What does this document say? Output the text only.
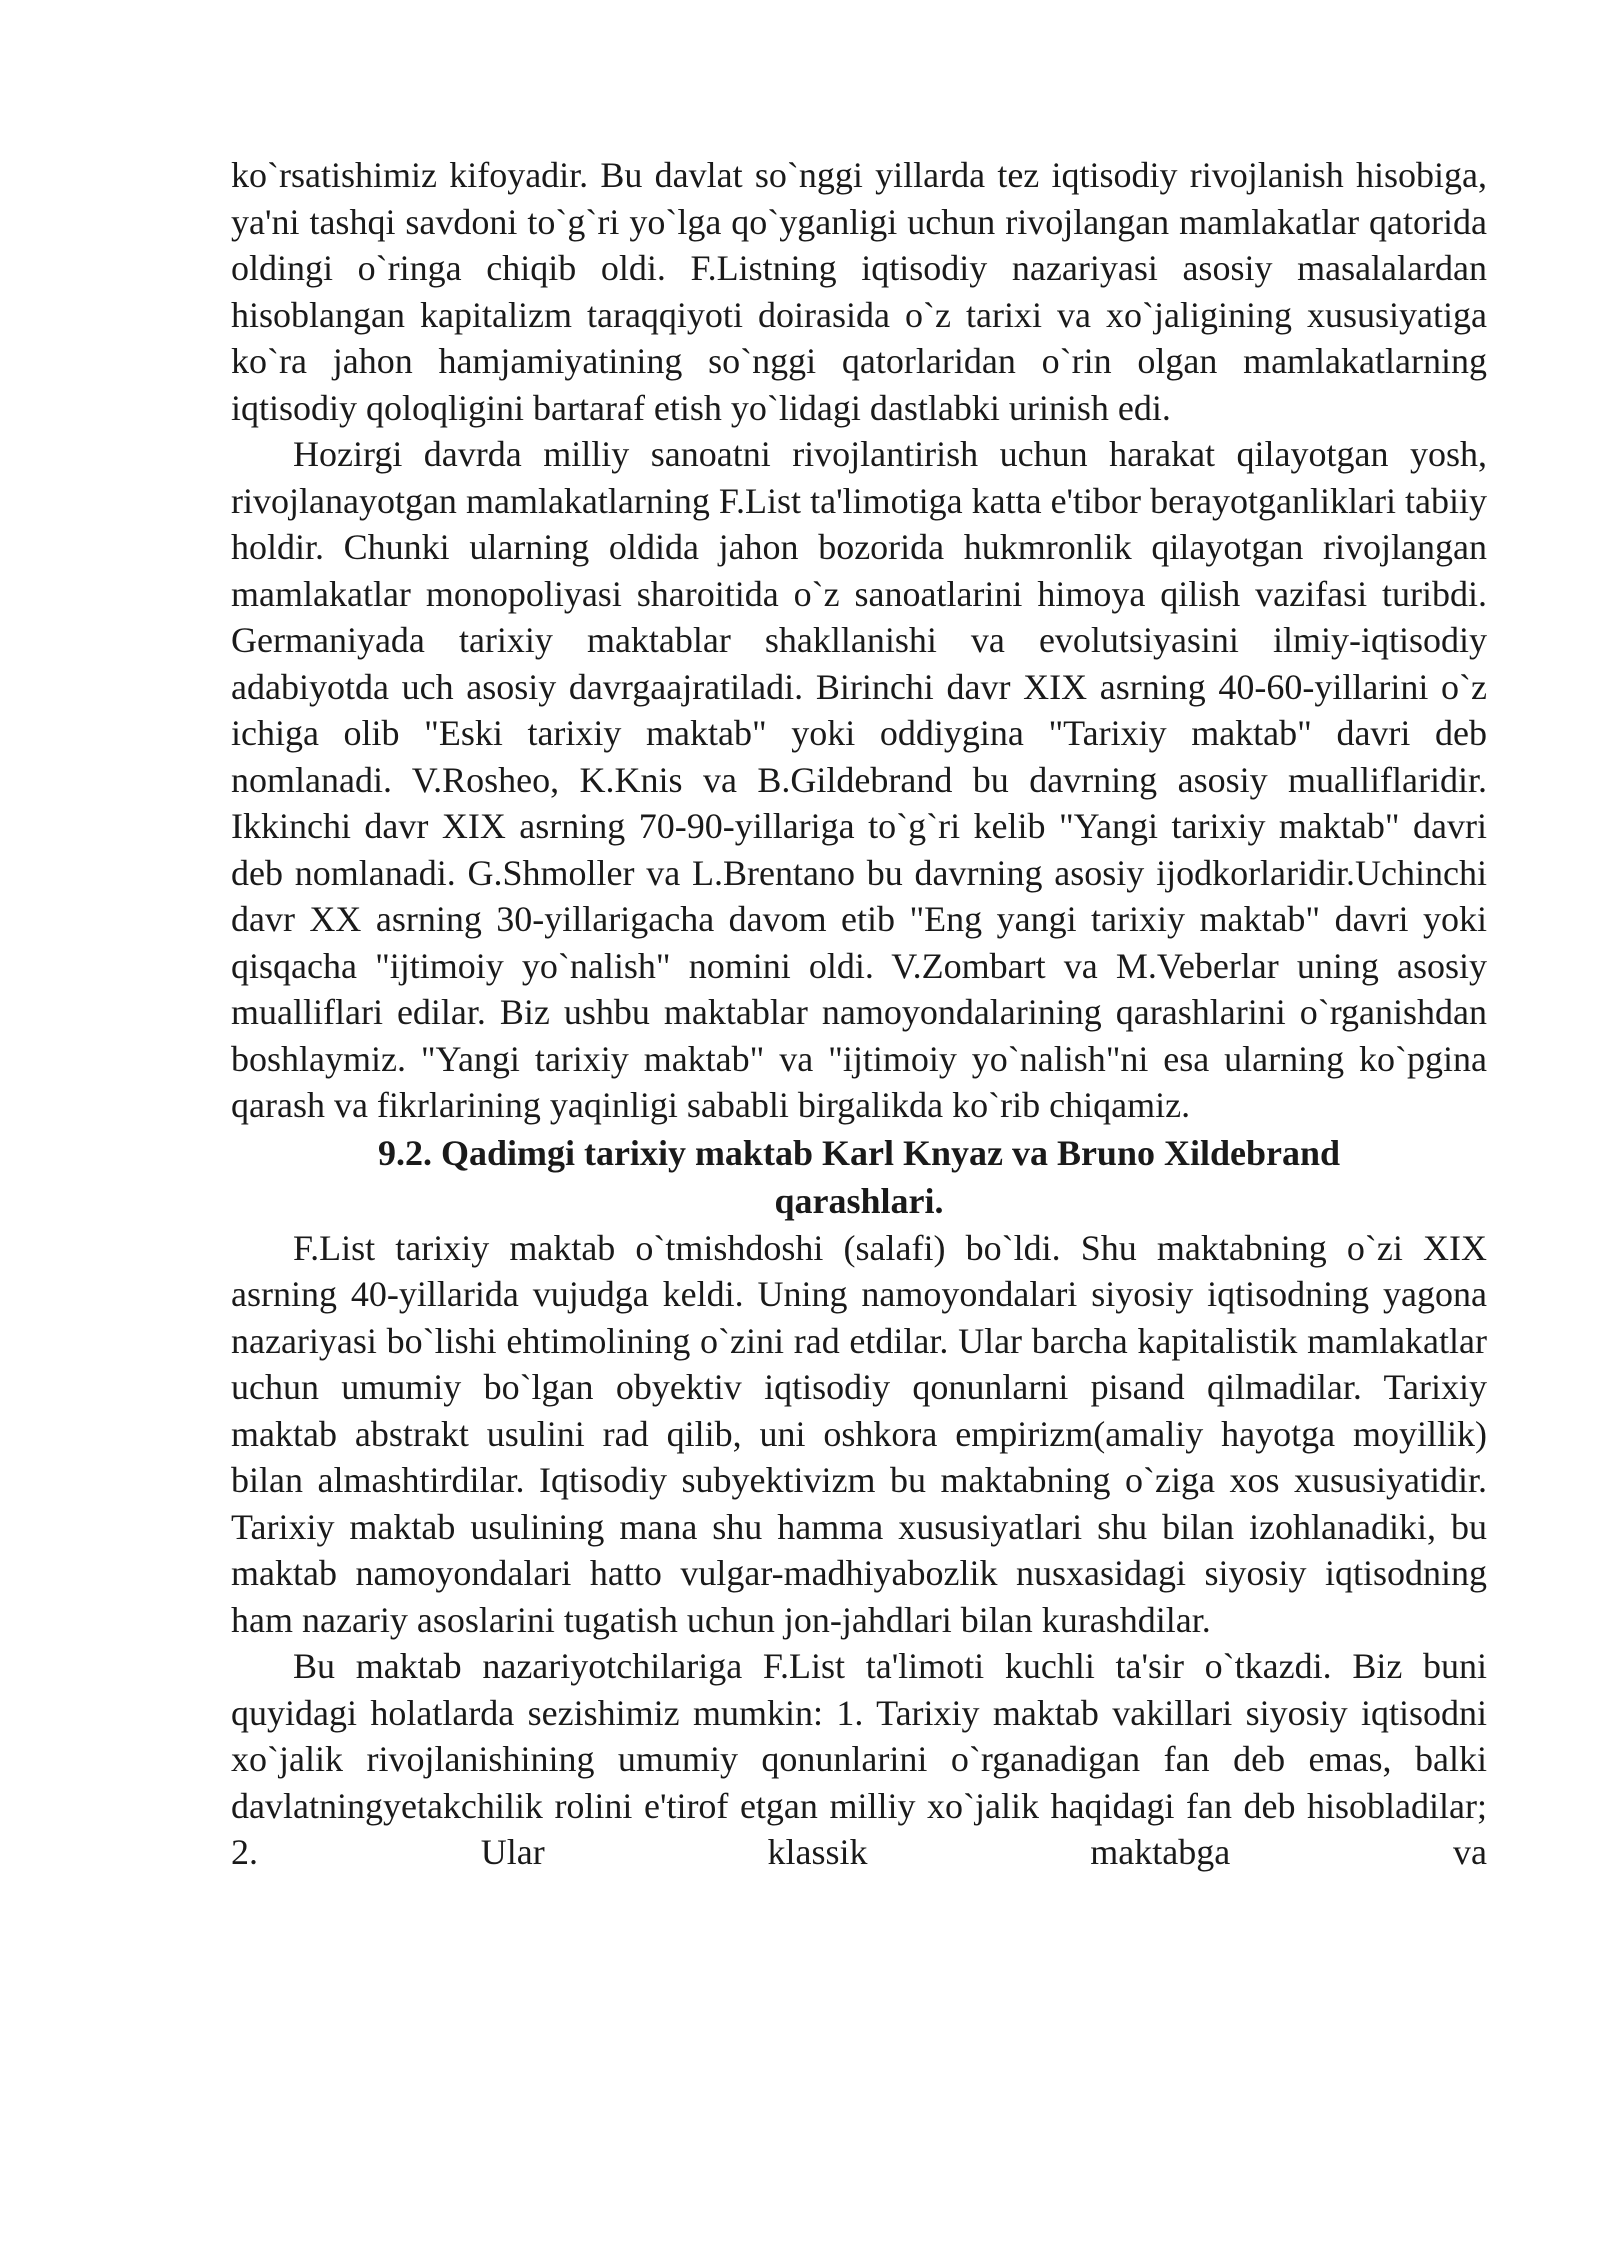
ko`rsatishimiz kifoyadir. Bu davlat so`nggi yillarda tez iqtisodiy rivojlanish hisobiga, ya'ni tashqi savdoni to`g`ri yo`lga qo`yganligi uchun rivojlangan mamlakatlar qatorida oldingi o`ringa chiqib oldi. F.Listning iqtisodiy nazariyasi asosiy masalalardan hisoblangan kapitalizm taraqqiyoti doirasida o`z tarixi va xo`jaligining xususiyatiga ko`ra jahon hamjamiyatining so`nggi qatorlaridan o`rin olgan mamlakatlarning iqtisodiy qoloqligini bartaraf etish yo`lidagi dastlabki urinish edi.

Hozirgi davrda milliy sanoatni rivojlantirish uchun harakat qilayotgan yosh, rivojlanayotgan mamlakatlarning F.List ta'limotiga katta e'tibor berayotganliklari tabiiy holdir. Chunki ularning oldida jahon bozorida hukmronlik qilayotgan rivojlangan mamlakatlar monopoliyasi sharoitida o`z sanoatlarini himoya qilish vazifasi turibdi. Germaniyada tarixiy maktablar shakllanishi va evolutsiyasini ilmiy-iqtisodiy adabiyotda uch asosiy davrgaajratiladi. Birinchi davr XIX asrning 40-60-yillarini o`z ichiga olib "Eski tarixiy maktab" yoki oddiygina "Tarixiy maktab" davri deb nomlanadi. V.Rosheo, K.Knis va B.Gildebrand bu davrning asosiy mualliflaridir. Ikkinchi davr XIX asrning 70-90-yillariga to`g`ri kelib "Yangi tarixiy maktab" davri deb nomlanadi. G.Shmoller va L.Brentano bu davrning asosiy ijodkorlaridir.Uchinchi davr XX asrning 30-yillarigacha davom etib "Eng yangi tarixiy maktab" davri yoki qisqacha "ijtimoiy yo`nalish" nomini oldi. V.Zombart va M.Veberlar uning asosiy mualliflari edilar. Biz ushbu maktablar namoyondalarining qarashlarini o`rganishdan boshlaymiz. "Yangi tarixiy maktab" va "ijtimoiy yo`nalish"ni esa ularning ko`pgina qarash va fikrlarining yaqinligi sababli birgalikda ko`rib chiqamiz.

9.2. Qadimgi tarixiy maktab Karl Knyaz va Bruno Xildebrand
qarashlari.

F.List tarixiy maktab o`tmishdoshi (salafi) bo`ldi. Shu maktabning o`zi XIX asrning 40-yillarida vujudga keldi. Uning namoyondalari siyosiy iqtisodning yagona nazariyasi bo`lishi ehtimolining o`zini rad etdilar. Ular barcha kapitalistik mamlakatlar uchun umumiy bo`lgan obyektiv iqtisodiy qonunlarni pisand qilmadilar. Tarixiy maktab abstrakt usulini rad qilib, uni oshkora empirizm(amaliy hayotga moyillik) bilan almashtirdilar. Iqtisodiy subyektivizm bu maktabning o`ziga xos xususiyatidir. Tarixiy maktab usulining mana shu hamma xususiyatlari shu bilan izohlanadiki, bu maktab namoyondalari hatto vulgar-madhiyabozlik nusxasidagi siyosiy iqtisodning ham nazariy asoslarini tugatish uchun jon-jahdlari bilan kurashdilar.

Bu maktab nazariyotchilariga F.List ta'limoti kuchli ta'sir o`tkazdi. Biz buni quyidagi holatlarda sezishimiz mumkin: 1. Tarixiy maktab vakillari siyosiy iqtisodni xo`jalik rivojlanishining umumiy qonunlarini o`rganadigan fan deb emas, balki davlatningyetakchilik rolini e'tirof etgan milliy xo`jalik haqidagi fan deb hisobladilar; 2. Ular klassik maktabga va
